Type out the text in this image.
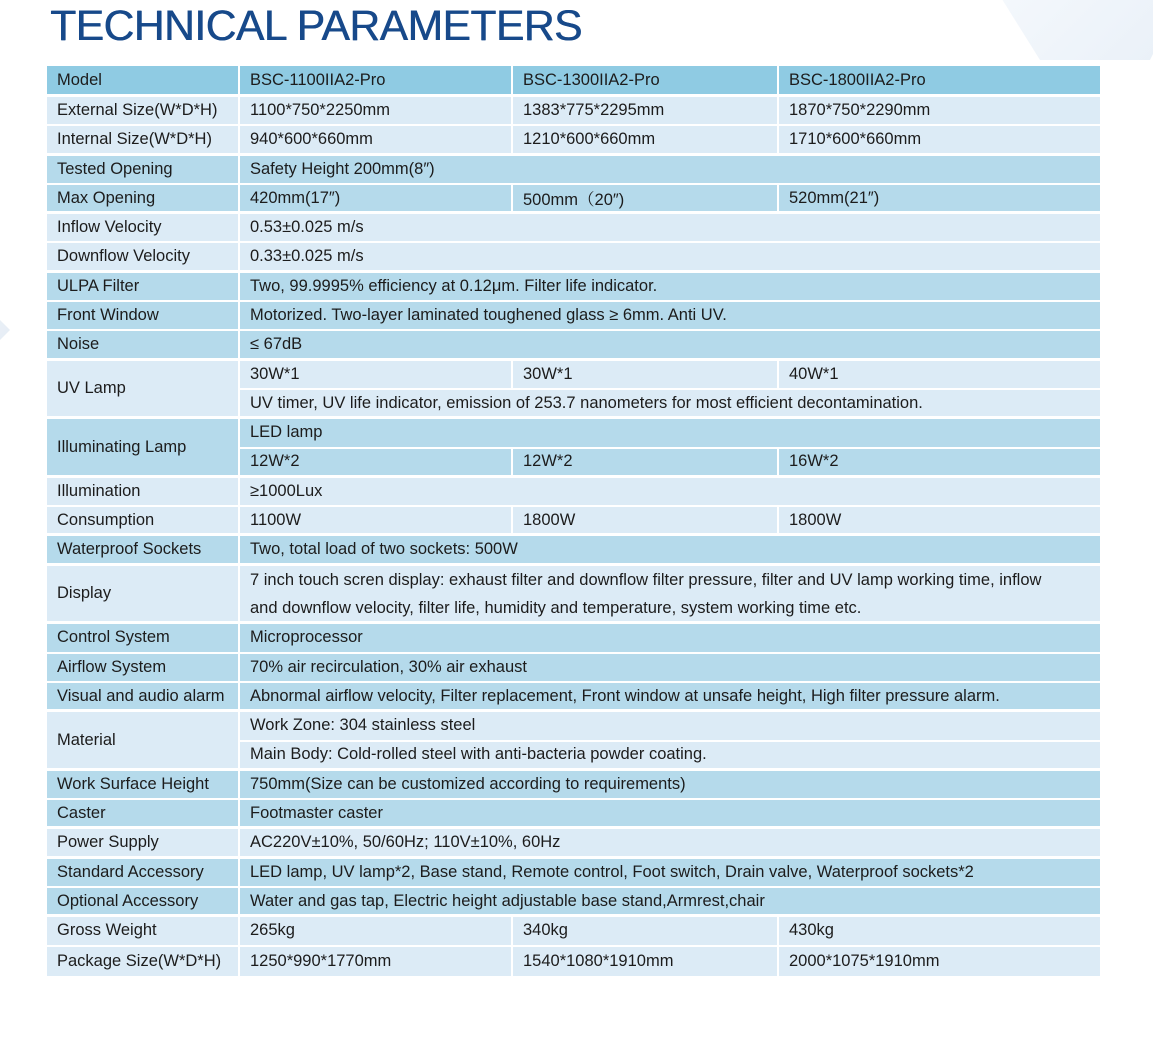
TECHNICAL PARAMETERS
Model	BSC-1100IIA2-Pro	BSC-1300IIA2-Pro	BSC-1800IIA2-Pro
External Size(W*D*H)	1100*750*2250mm	1383*775*2295mm	1870*750*2290mm
Internal Size(W*D*H)	940*600*660mm	1210*600*660mm	1710*600*660mm
Tested Opening	Safety Height 200mm(8″)		
Max Opening	420mm(17″)	500mm（20″)	520mm(21″)
Inflow Velocity	0.53±0.025 m/s		
Downflow Velocity	0.33±0.025 m/s		
ULPA Filter	Two, 99.9995% efficiency at 0.12μm. Filter life indicator.		
Front Window	Motorized. Two-layer laminated toughened glass ≥ 6mm. Anti UV.		
Noise	≤ 67dB		
UV Lamp	30W*1	30W*1	40W*1
	UV timer, UV life indicator, emission of 253.7 nanometers for most efficient decontamination.		
Illuminating Lamp	LED lamp		
	12W*2	12W*2	16W*2
Illumination	≥1000Lux		
Consumption	1100W	1800W	1800W
Waterproof Sockets	Two, total load of two sockets: 500W		
Display	7 inch touch scren display: exhaust filter and downflow filter pressure, filter and UV lamp working time, inflow		
	and downflow velocity, filter life, humidity and temperature, system working time etc.		
Control System	Microprocessor		
Airflow System	70% air recirculation, 30% air exhaust		
Visual and audio alarm	Abnormal airflow velocity, Filter replacement, Front window at unsafe height, High filter pressure alarm.		
Material	Work Zone: 304 stainless steel		
	Main Body: Cold-rolled steel with anti-bacteria powder coating.		
Work Surface Height	750mm(Size can be customized according to requirements)		
Caster	Footmaster caster		
Power Supply	AC220V±10%, 50/60Hz; 110V±10%, 60Hz		
Standard Accessory	LED lamp, UV lamp*2, Base stand, Remote control, Foot switch, Drain valve, Waterproof sockets*2		
Optional Accessory	Water and gas tap, Electric height adjustable base stand,Armrest,chair		
Gross Weight	265kg	340kg	430kg
Package Size(W*D*H)	1250*990*1770mm	1540*1080*1910mm	2000*1075*1910mm
